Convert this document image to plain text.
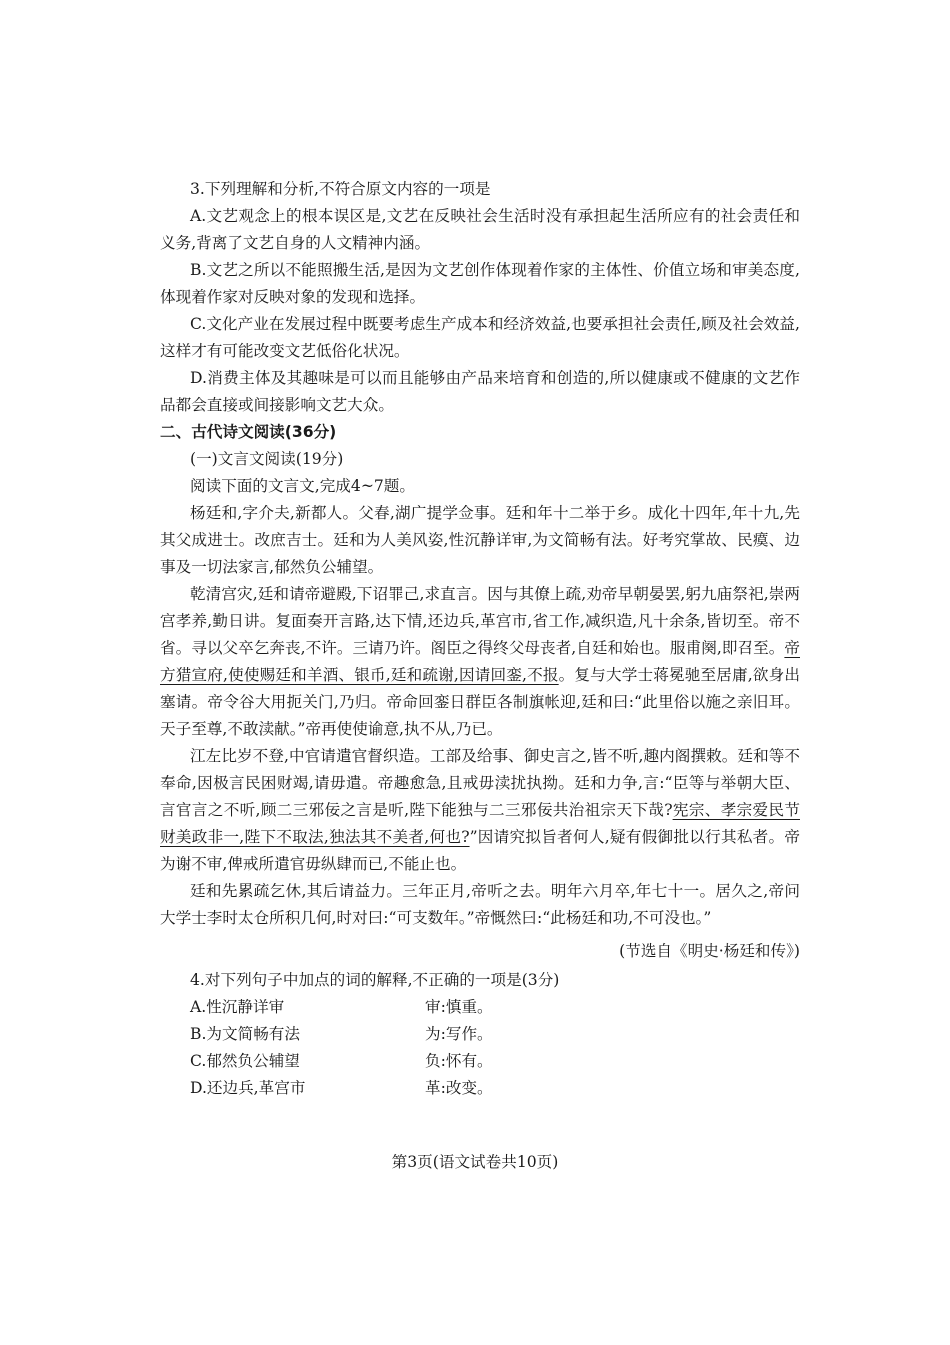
3.下列理解和分析,不符合原文内容的一项是

A.文艺观念上的根本误区是,文艺在反映社会生活时没有承担起生活所应有的社会责任和义务,背离了文艺自身的人文精神内涵。

B.文艺之所以不能照搬生活,是因为文艺创作体现着作家的主体性、价值立场和审美态度,体现着作家对反映对象的发现和选择。

C.文化产业在发展过程中既要考虑生产成本和经济效益,也要承担社会责任,顾及社会效益,这样才有可能改变文艺低俗化状况。

D.消费主体及其趣味是可以而且能够由产品来培育和创造的,所以健康或不健康的文艺作品都会直接或间接影响文艺大众。

二、古代诗文阅读(36分)

(一)文言文阅读(19分)

阅读下面的文言文,完成4~7题。

杨廷和,字介夫,新都人。父春,湖广提学佥事。廷和年十二举于乡。成化十四年,年十九,先其父成进士。改庶吉士。廷和为人美风姿,性沉静详审,为文简畅有法。好考究掌故、民瘼、边事及一切法家言,郁然负公辅望。

乾清宫灾,廷和请帝避殿,下诏罪己,求直言。因与其僚上疏,劝帝早朝晏罢,躬九庙祭祀,崇两宫孝养,勤日讲。复面奏开言路,达下情,还边兵,革宫市,省工作,减织造,凡十余条,皆切至。帝不省。寻以父卒乞奔丧,不许。三请乃许。阁臣之得终父母丧者,自廷和始也。服甫阕,即召至。帝方猎宣府,使使赐廷和羊酒、银币,廷和疏谢,因请回銮,不报。复与大学士蒋冕驰至居庸,欲身出塞请。帝令谷大用扼关门,乃归。帝命回銮日群臣各制旗帐迎,廷和曰:“此里俗以施之亲旧耳。天子至尊,不敢渎献。”帝再使使谕意,执不从,乃已。

江左比岁不登,中官请遣官督织造。工部及给事、御史言之,皆不听,趣内阁撰敕。廷和等不奉命,因极言民困财竭,请毋遣。帝趣愈急,且戒毋渎扰执拗。廷和力争,言:“臣等与举朝大臣、言官言之不听,顾二三邪佞之言是听,陛下能独与二三邪佞共治祖宗天下哉?宪宗、孝宗爱民节财美政非一,陛下不取法,独法其不美者,何也?”因请究拟旨者何人,疑有假御批以行其私者。帝为谢不审,俾戒所遣官毋纵肆而已,不能止也。

廷和先累疏乞休,其后请益力。三年正月,帝听之去。明年六月卒,年七十一。居久之,帝问大学士李时太仓所积几何,时对曰:“可支数年。”帝慨然曰:“此杨廷和功,不可没也。”

(节选自《明史·杨廷和传》)

4.对下列句子中加点的词的解释,不正确的一项是(3分)

A.性沉静详审	审:慎重。
B.为文简畅有法	为:写作。
C.郁然负公辅望	负:怀有。
D.还边兵,革宫市	革:改变。
第3页(语文试卷共10页)
